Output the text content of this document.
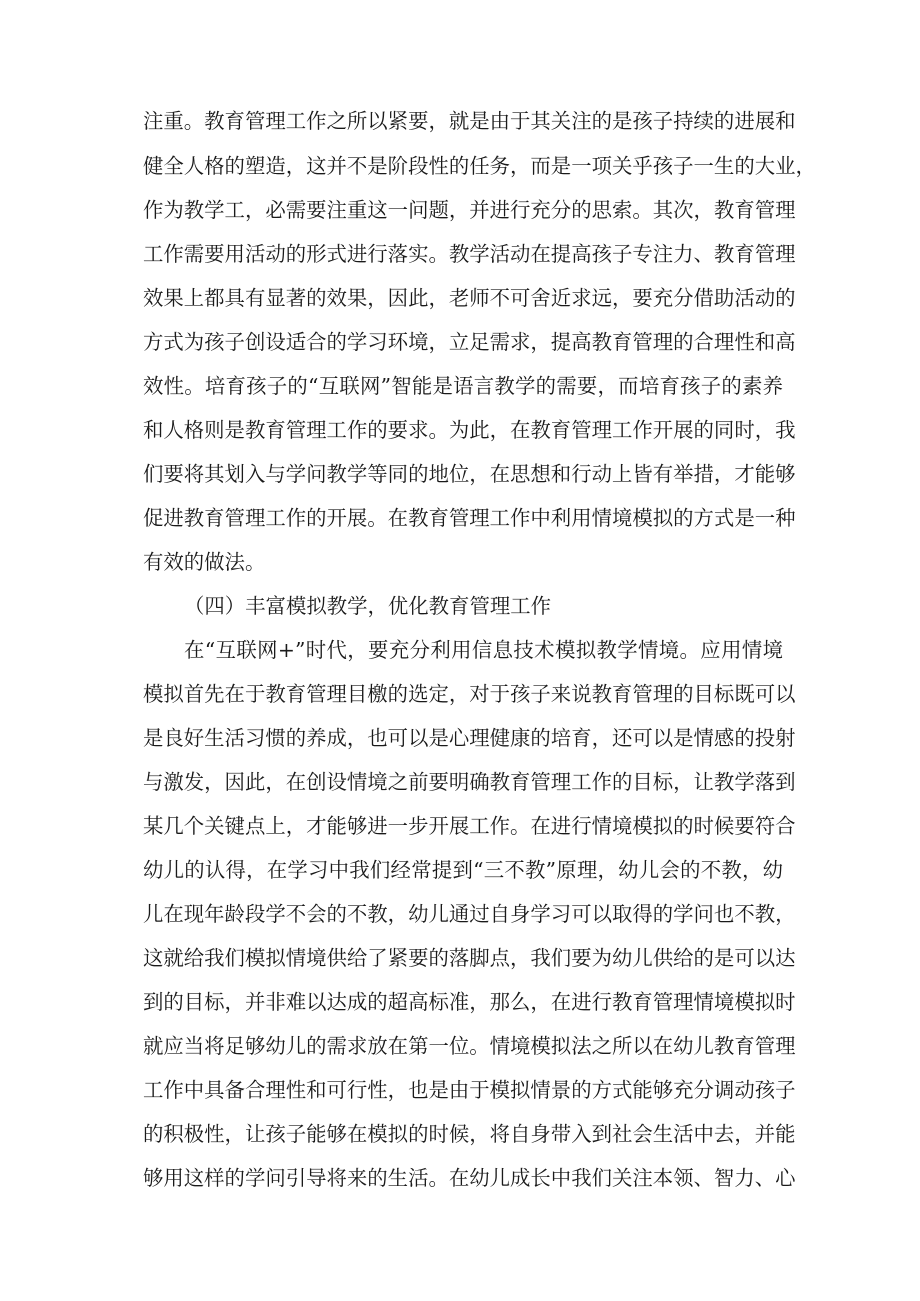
注重。教育管理工作之所以紧要，就是由于其关注的是孩子持续的进展和

健全人格的塑造，这并不是阶段性的任务，而是一项关乎孩子一生的大业，

作为教学工，必需要注重这一问题，并进行充分的思索。其次，教育管理

工作需要用活动的形式进行落实。教学活动在提高孩子专注力、教育管理

效果上都具有显著的效果，因此，老师不可舍近求远，要充分借助活动的

方式为孩子创设适合的学习环境，立足需求，提高教育管理的合理性和高

效性。培育孩子的“互联网”智能是语言教学的需要，而培育孩子的素养

和人格则是教育管理工作的要求。为此，在教育管理工作开展的同时，我

们要将其划入与学问教学等同的地位，在思想和行动上皆有举措，才能够

促进教育管理工作的开展。在教育管理工作中利用情境模拟的方式是一种

有效的做法。

（四）丰富模拟教学，优化教育管理工作

在“互联网+”时代，要充分利用信息技术模拟教学情境。应用情境

模拟首先在于教育管理目檄的选定，对于孩子来说教育管理的目标既可以

是良好生活习惯的养成，也可以是心理健康的培育，还可以是情感的投射

与激发，因此，在创设情境之前要明确教育管理工作的目标，让教学落到

某几个关键点上，才能够进一步开展工作。在进行情境模拟的时候要符合

幼儿的认得，在学习中我们经常提到“三不教”原理，幼儿会的不教，幼

儿在现年龄段学不会的不教，幼儿通过自身学习可以取得的学问也不教，

这就给我们模拟情境供给了紧要的落脚点，我们要为幼儿供给的是可以达

到的目标，并非难以达成的超高标准，那么，在进行教育管理情境模拟时

就应当将足够幼儿的需求放在第一位。情境模拟法之所以在幼儿教育管理

工作中具备合理性和可行性，也是由于模拟情景的方式能够充分调动孩子

的积极性，让孩子能够在模拟的时候，将自身带入到社会生活中去，并能

够用这样的学问引导将来的生活。在幼儿成长中我们关注本领、智力、心
